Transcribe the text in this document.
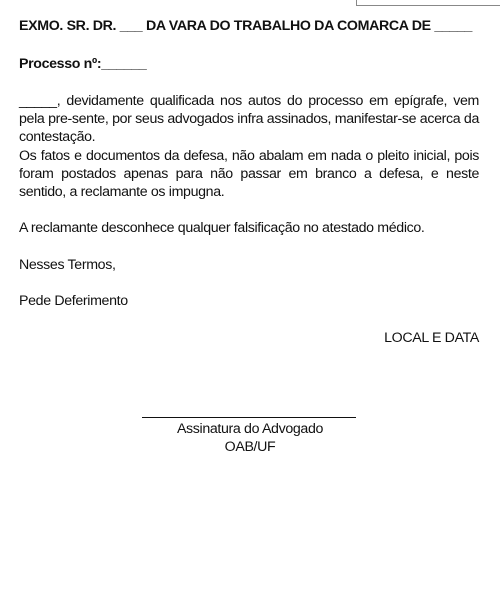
EXMO. SR. DR. ___ DA VARA DO TRABALHO DA COMARCA DE _____
Processo nº:______
_____, devidamente qualificada nos autos do processo em epígrafe, vem pela pre-sente, por seus advogados infra assinados, manifestar-se acerca da contestação.
Os fatos e documentos da defesa, não abalam em nada o pleito inicial, pois foram postados apenas para não passar em branco a defesa, e neste sentido, a reclamante os impugna.
A reclamante desconhece qualquer falsificação no atestado médico.
Nesses Termos,
Pede Deferimento
LOCAL E DATA
Assinatura do Advogado
OAB/UF
